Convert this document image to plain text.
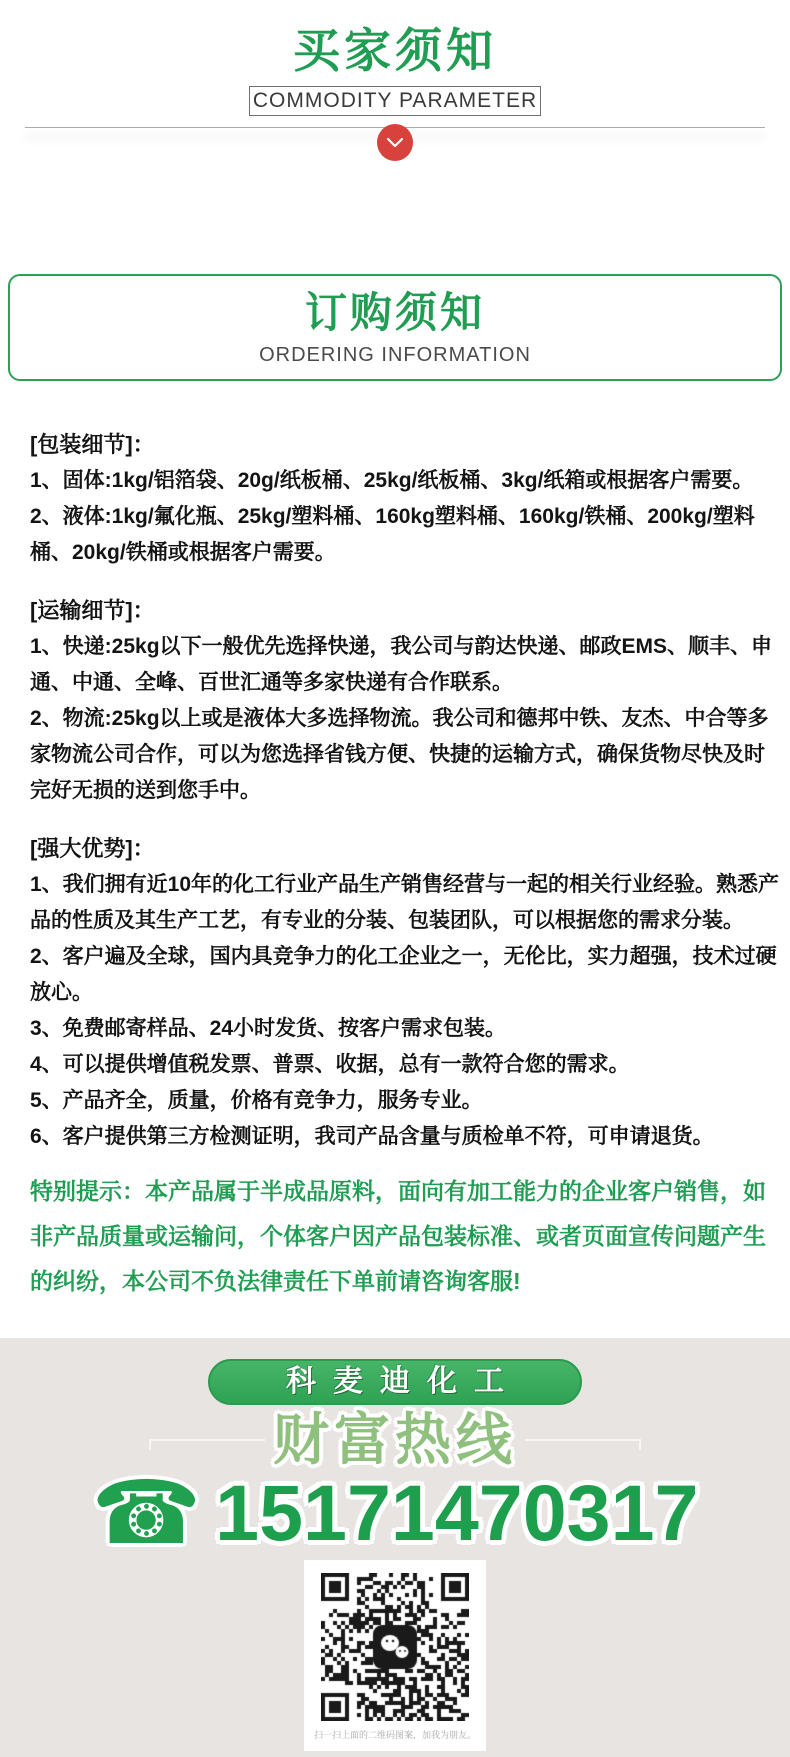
买家须知
COMMODITY PARAMETER
订购须知
ORDERING INFORMATION

[包装细节]：

1、固体:1kg/铝箔袋、20g/纸板桶、25kg/纸板桶、3kg/纸箱或根据客户需要。

2、液体:1kg/氟化瓶、25kg/塑料桶、160kg塑料桶、160kg/铁桶、200kg/塑料桶、20kg/铁桶或根据客户需要。

[运输细节]：

1、快递:25kg以下一般优先选择快递，我公司与韵达快递、邮政EMS、顺丰、申通、中通、全峰、百世汇通等多家快递有合作联系。

2、物流:25kg以上或是液体大多选择物流。我公司和德邦中铁、友杰、中合等多家物流公司合作，可以为您选择省钱方便、快捷的运输方式，确保货物尽快及时完好无损的送到您手中。

[强大优势]：

1、我们拥有近10年的化工行业产品生产销售经营与一起的相关行业经验。熟悉产品的性质及其生产工艺，有专业的分装、包装团队，可以根据您的需求分装。

2、客户遍及全球，国内具竞争力的化工企业之一，无伦比，实力超强，技术过硬放心。

3、免费邮寄样品、24小时发货、按客户需求包装。

4、可以提供增值税发票、普票、收据，总有一款符合您的需求。

5、产品齐全，质量，价格有竞争力，服务专业。

6、客户提供第三方检测证明，我司产品含量与质检单不符，可申请退货。

特别提示：本产品属于半成品原料，面向有加工能力的企业客户销售，如非产品质量或运输问，个体客户因产品包装标准、或者页面宣传问题产生的纠纷，本公司不负法律责任下单前请咨询客服!
科麦迪化工
财富热线
☎ 15171470317
扫一扫上面的二维码图案，加我为朋友。
